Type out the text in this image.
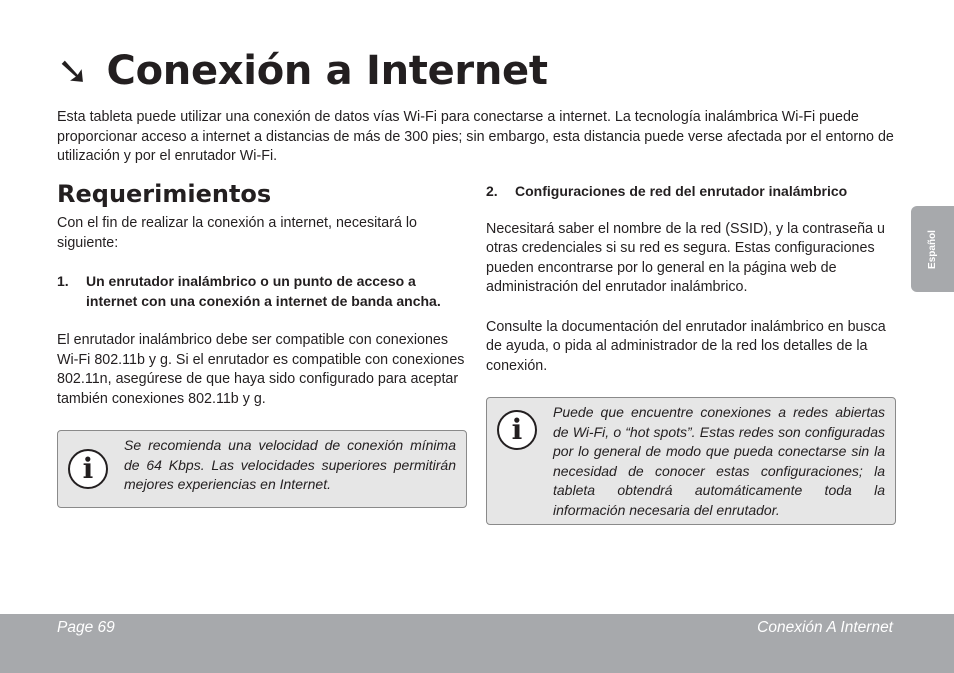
➘ Conexión a Internet

Esta tableta puede utilizar una conexión de datos vías Wi-Fi para conectarse a internet. La tecnología inalámbrica Wi-Fi puede proporcionar acceso a internet a distancias de más de 300 pies; sin embargo, esta distancia puede verse afectada por el entorno de utilización y por el enrutador Wi-Fi.

Requerimientos

Con el fin de realizar la conexión a internet, necesitará lo siguiente:

1.	Un enrutador inalámbrico o un punto de acceso a internet con una conexión a internet de banda ancha.

El enrutador inalámbrico debe ser compatible con conexiones Wi-Fi 802.11b y g. Si el enrutador es compatible con conexiones 802.11n, asegúrese de que haya sido configurado para aceptar también conexiones 802.11b y g.

i

Se recomienda una velocidad de conexión mínima de 64 Kbps. Las velocidades superiores permitirán mejores experiencias en Internet.

2.	Configuraciones de red del enrutador inalámbrico

Necesitará saber el nombre de la red (SSID), y la contraseña u otras credenciales si su red es segura. Estas configuraciones pueden encontrarse por lo general en la página web de administración del enrutador inalámbrico.

Consulte la documentación del enrutador inalámbrico en busca de ayuda, o pida al administrador de la red los detalles de la conexión.

i

Puede que encuentre conexiones a redes abiertas de Wi-Fi, o “hot spots”. Estas redes son configuradas por lo general de modo que pueda conectarse sin la necesidad de conocer estas configuraciones; la tableta obtendrá automáticamente toda la información necesaria del enrutador.

Español
Page 69	Conexión A Internet
